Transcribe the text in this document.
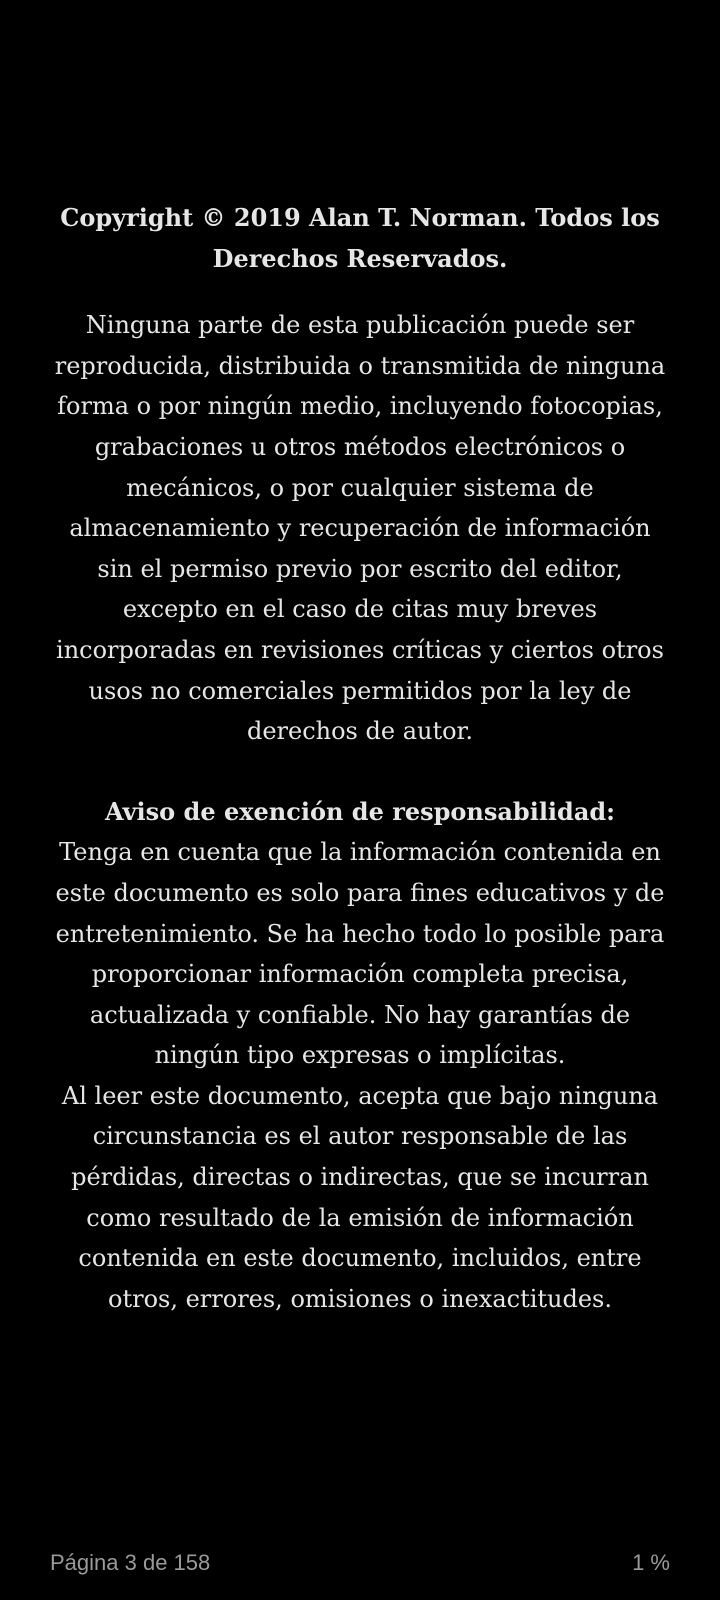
Copyright © 2019 Alan T. Norman. Todos los Derechos Reservados.

Ninguna parte de esta publicación puede ser reproducida, distribuida o transmitida de ninguna forma o por ningún medio, incluyendo fotocopias, grabaciones u otros métodos electrónicos o mecánicos, o por cualquier sistema de almacenamiento y recuperación de información sin el permiso previo por escrito del editor, excepto en el caso de citas muy breves incorporadas en revisiones críticas y ciertos otros usos no comerciales permitidos por la ley de derechos de autor.

Aviso de exención de responsabilidad:

Tenga en cuenta que la información contenida en este documento es solo para fines educativos y de entretenimiento. Se ha hecho todo lo posible para proporcionar información completa precisa, actualizada y confiable. No hay garantías de ningún tipo expresas o implícitas.

Al leer este documento, acepta que bajo ninguna circunstancia es el autor responsable de las pérdidas, directas o indirectas, que se incurran como resultado de la emisión de información contenida en este documento, incluidos, entre otros, errores, omisiones o inexactitudes.

Página 3 de 158	1 %
